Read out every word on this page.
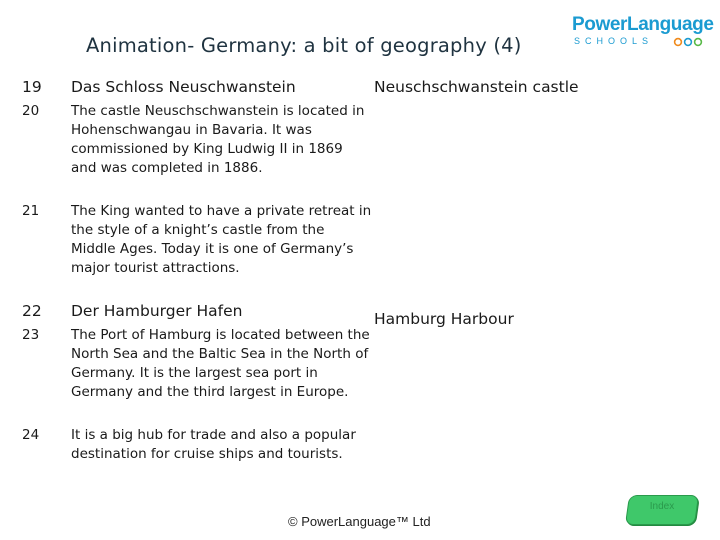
Animation- Germany: a bit of geography (4)
PowerLanguage
SCHOOLS
19	Das Schloss Neuschwanstein
20	The castle Neuschschwanstein is located in Hohenschwangau in Bavaria. It was commissioned by King Ludwig II in 1869 and was completed in 1886.
21	The King wanted to have a private retreat in the style of a knight’s castle from the Middle Ages. Today it is one of Germany’s major tourist attractions.
22	Der Hamburger Hafen
23	The Port of Hamburg is located between the North Sea and the Baltic Sea in the North of Germany. It is the largest sea port in Germany and the third largest in Europe.
24	It is a big hub for trade and also a popular destination for cruise ships and tourists.
Neuschschwanstein castle
Hamburg Harbour
© PowerLanguage™ Ltd
Index
